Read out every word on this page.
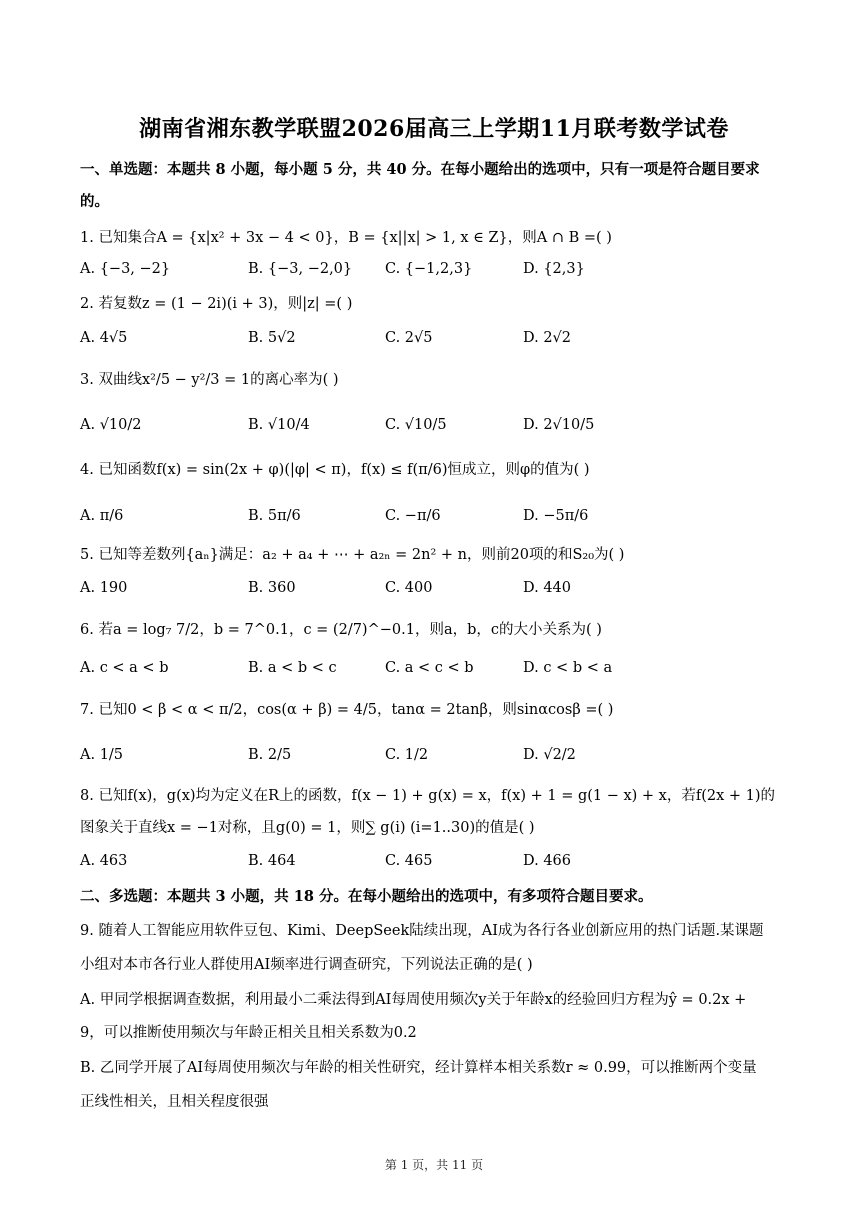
湖南省湘东教学联盟2026届高三上学期11月联考数学试卷
一、单选题：本题共 8 小题，每小题 5 分，共 40 分。在每小题给出的选项中，只有一项是符合题目要求
的。
1. 已知集合A = {x|x² + 3x − 4 < 0}，B = {x||x| > 1, x ∈ Z}，则A ∩ B =( )
A. {−3, −2}	B. {−3, −2,0} C. {−1,2,3}	D. {2,3}
2. 若复数z = (1 − 2i)(i + 3)，则|z| =( )
A. 4√5	B. 5√2	C. 2√5	D. 2√2
3. 双曲线x²/5 − y²/3 = 1的离心率为( )
A. √10/2	B. √10/4	C. √10/5	D. 2√10/5
4. 已知函数f(x) = sin(2x + φ)(|φ| < π)，f(x) ≤ f(π/6)恒成立，则φ的值为( )
A. π/6	B. 5π/6	C. −π/6	D. −5π/6
5. 已知等差数列{aₙ}满足：a₂ + a₄ + ⋯ + a₂ₙ = 2n² + n，则前20项的和S₂₀为( )
A. 190	B. 360	C. 400	D. 440
6. 若a = log₇ 7/2，b = 7^0.1，c = (2/7)^−0.1，则a，b，c的大小关系为( )
A. c < a < b	B. a < b < c	C. a < c < b	D. c < b < a
7. 已知0 < β < α < π/2，cos(α + β) = 4/5，tanα = 2tanβ，则sinαcosβ =( )
A. 1/5	B. 2/5	C. 1/2	D. √2/2
8. 已知f(x)，g(x)均为定义在R上的函数，f(x − 1) + g(x) = x，f(x) + 1 = g(1 − x) + x，若f(2x + 1)的
图象关于直线x = −1对称，且g(0) = 1，则∑ g(i) (i=1..30)的值是( )
A. 463	B. 464	C. 465	D. 466
二、多选题：本题共 3 小题，共 18 分。在每小题给出的选项中，有多项符合题目要求。
9. 随着人工智能应用软件豆包、Kimi、DeepSeek陆续出现，AI成为各行各业创新应用的热门话题.某课题
小组对本市各行业人群使用AI频率进行调查研究，下列说法正确的是( )
A. 甲同学根据调查数据，利用最小二乘法得到AI每周使用频次y关于年龄x的经验回归方程为ŷ = 0.2x +
9，可以推断使用频次与年龄正相关且相关系数为0.2
B. 乙同学开展了AI每周使用频次与年龄的相关性研究，经计算样本相关系数r ≈ 0.99，可以推断两个变量
正线性相关，且相关程度很强
第 1 页，共 11 页
